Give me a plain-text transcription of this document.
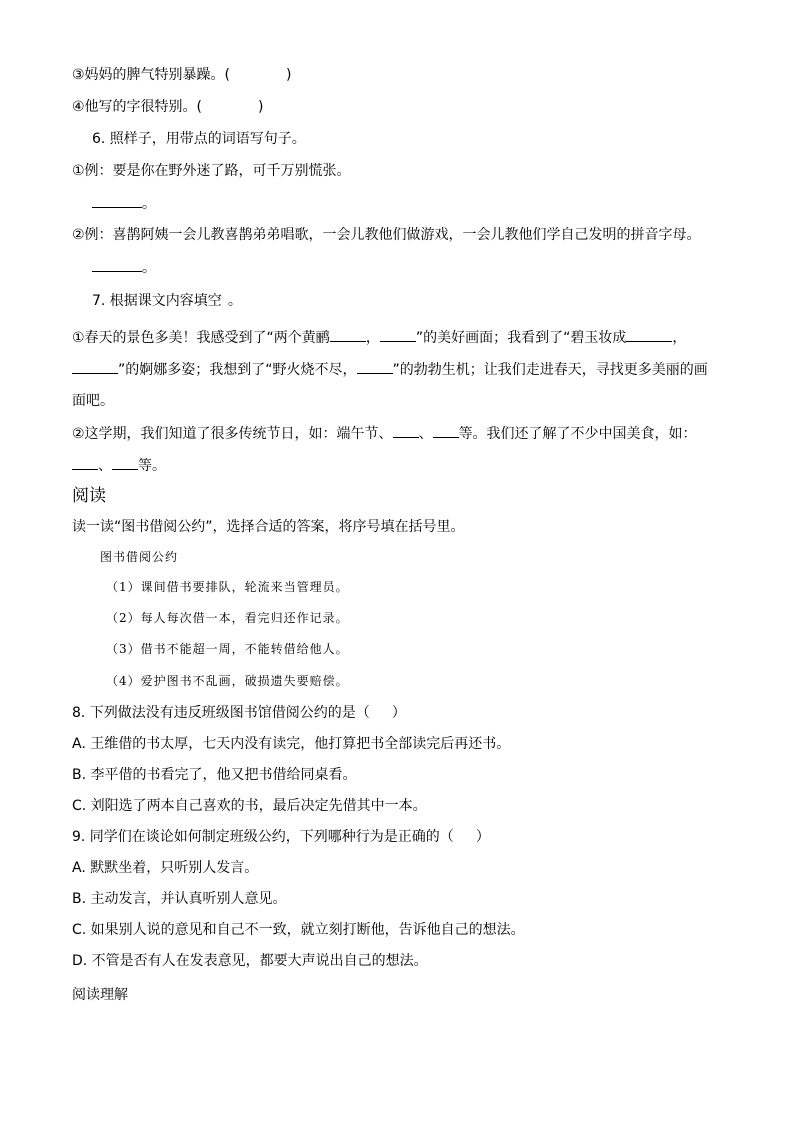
③妈妈的脾气特别暴躁。(	)
④他写的字很特别。(	)
6. 照样子，用带点的词语写句子。
①例：要是你在野外迷了路，可千万别慌张。
。
②例：喜鹊阿姨一会儿教喜鹊弟弟唱歌，一会儿教他们做游戏，一会儿教他们学自己发明的拼音字母。
。
7. 根据课文内容填空 。
①春天的景色多美！我感受到了“两个黄鹂	，	”的美好画面；我看到了“碧玉妆成	，
”的婀娜多姿；我想到了“野火烧不尽，	”的勃勃生机；让我们走进春天，寻找更多美丽的画
面吧。
②这学期，我们知道了很多传统节日，如：端午节、 、 等。我们还了解了不少中国美食，如：
、 等。
阅读
读一读“图书借阅公约”，选择合适的答案，将序号填在括号里。
图书借阅公约
（1）课间借书要排队，轮流来当管理员。
（2）每人每次借一本，看完归还作记录。
（3）借书不能超一周，不能转借给他人。
（4）爱护图书不乱画，破损遗失要赔偿。
8. 下列做法没有违反班级图书馆借阅公约的是（ ）
A. 王维借的书太厚，七天内没有读完，他打算把书全部读完后再还书。
B. 李平借的书看完了，他又把书借给同桌看。
C. 刘阳选了两本自己喜欢的书，最后决定先借其中一本。
9. 同学们在谈论如何制定班级公约，下列哪种行为是正确的（ ）
A. 默默坐着，只听别人发言。
B. 主动发言，并认真听别人意见。
C. 如果别人说的意见和自己不一致，就立刻打断他，告诉他自己的想法。
D. 不管是否有人在发表意见，都要大声说出自己的想法。
阅读理解
